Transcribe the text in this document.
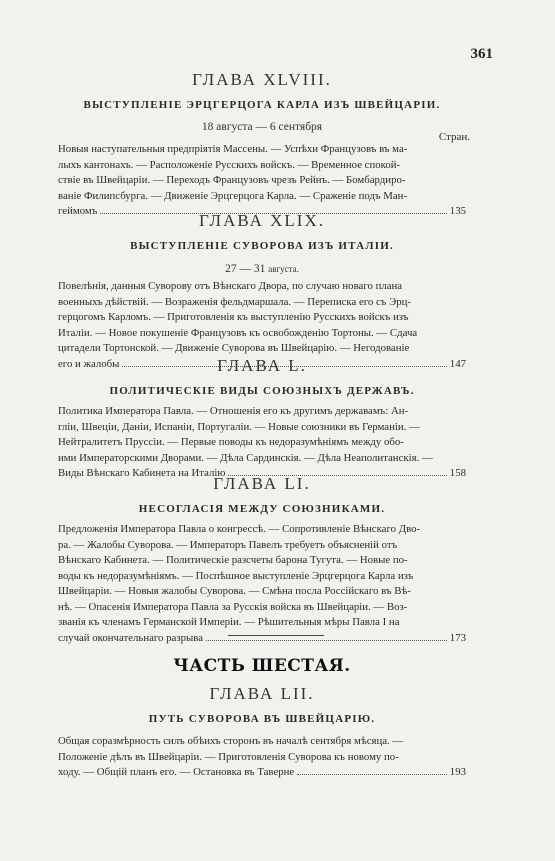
361
ГЛАВА XLVIII.
ВЫСТУПЛЕНІЕ ЭРЦГЕРЦОГА КАРЛА ИЗЪ ШВЕЙЦАРІИ.
18 августа — 6 сентября
Стран.
Новыя наступательныя предпріятія Массены. — Успѣхи Французовъ въ ма-
лыхъ кантонахъ. — Расположеніе Русскихъ войскъ. — Временное спокой-
ствіе въ Швейцаріи. — Переходъ Французовъ чрезъ Рейнъ. — Бомбардиро-
ваніе Филипсбурга. — Движеніе Эрцгерцога Карла. — Сраженіе подъ Ман-
геймомъ	135
ГЛАВА XLIX.
ВЫСТУПЛЕНІЕ СУВОРОВА ИЗЪ ИТАЛІИ.
27 — 31 августа.
Повелѣнія, данныя Суворову отъ Вѣнскаго Двора, по случаю новаго плана
военныхъ дѣйствій. — Возраженія фельдмаршала. — Переписка его съ Эрц-
герцогомъ Карломъ. — Приготовленія къ выступленію Русскихъ войскъ изъ
Италіи. — Новое покушеніе Французовъ къ освобожденію Тортоны. — Сдача
цитадели Тортонской. — Движеніе Суворова въ Швейцарію. — Негодованіе
его и жалобы	147
ГЛАВА L.
ПОЛИТИЧЕСКІЕ ВИДЫ СОЮЗНЫХЪ ДЕРЖАВЪ.
Политика Императора Павла. — Отношенія его къ другимъ державамъ: Ан-
гліи, Швеціи, Даніи, Испаніи, Португаліи. — Новые союзники въ Германіи. —
Нейтралитетъ Пруссіи. — Первые поводы къ недоразумѣніямъ между обо-
ими Императорскими Дворами. — Дѣла Сардинскія. — Дѣла Неаполитанскія. —
Виды Вѣнскаго Кабинета на Италію	158
ГЛАВА LI.
НЕСОГЛАСІЯ МЕЖДУ СОЮЗНИКАМИ.
Предложенія Императора Павла о конгрессѣ. — Сопротивленіе Вѣнскаго Дво-
ра. — Жалобы Суворова. — Императоръ Павелъ требуетъ объясненій отъ
Вѣнскаго Кабинета. — Политическіе разсчеты барона Тугута. — Новые по-
воды къ недоразумѣніямъ. — Поспѣшное выступленіе Эрцгерцога Карла изъ
Швейцаріи. — Новыя жалобы Суворова. — Смѣна посла Россійскаго въ Вѣ-
нѣ. — Опасенія Императора Павла за Русскія войска въ Швейцаріи. — Воз-
званія къ членамъ Германской Имперіи. — Рѣшительныя мѣры Павла I на
случай окончательнаго разрыва	173
ЧАСТЬ ШЕСТАЯ.
ГЛАВА LII.
ПУТЬ СУВОРОВА ВЪ ШВЕЙЦАРІЮ.
Общая соразмѣрность силъ обѣихъ сторонъ въ началѣ сентября мѣсяца. —
Положеніе дѣлъ въ Швейцаріи. — Приготовленія Суворова къ новому по-
ходу. — Общій планъ его. — Остановка въ Таверне	193
